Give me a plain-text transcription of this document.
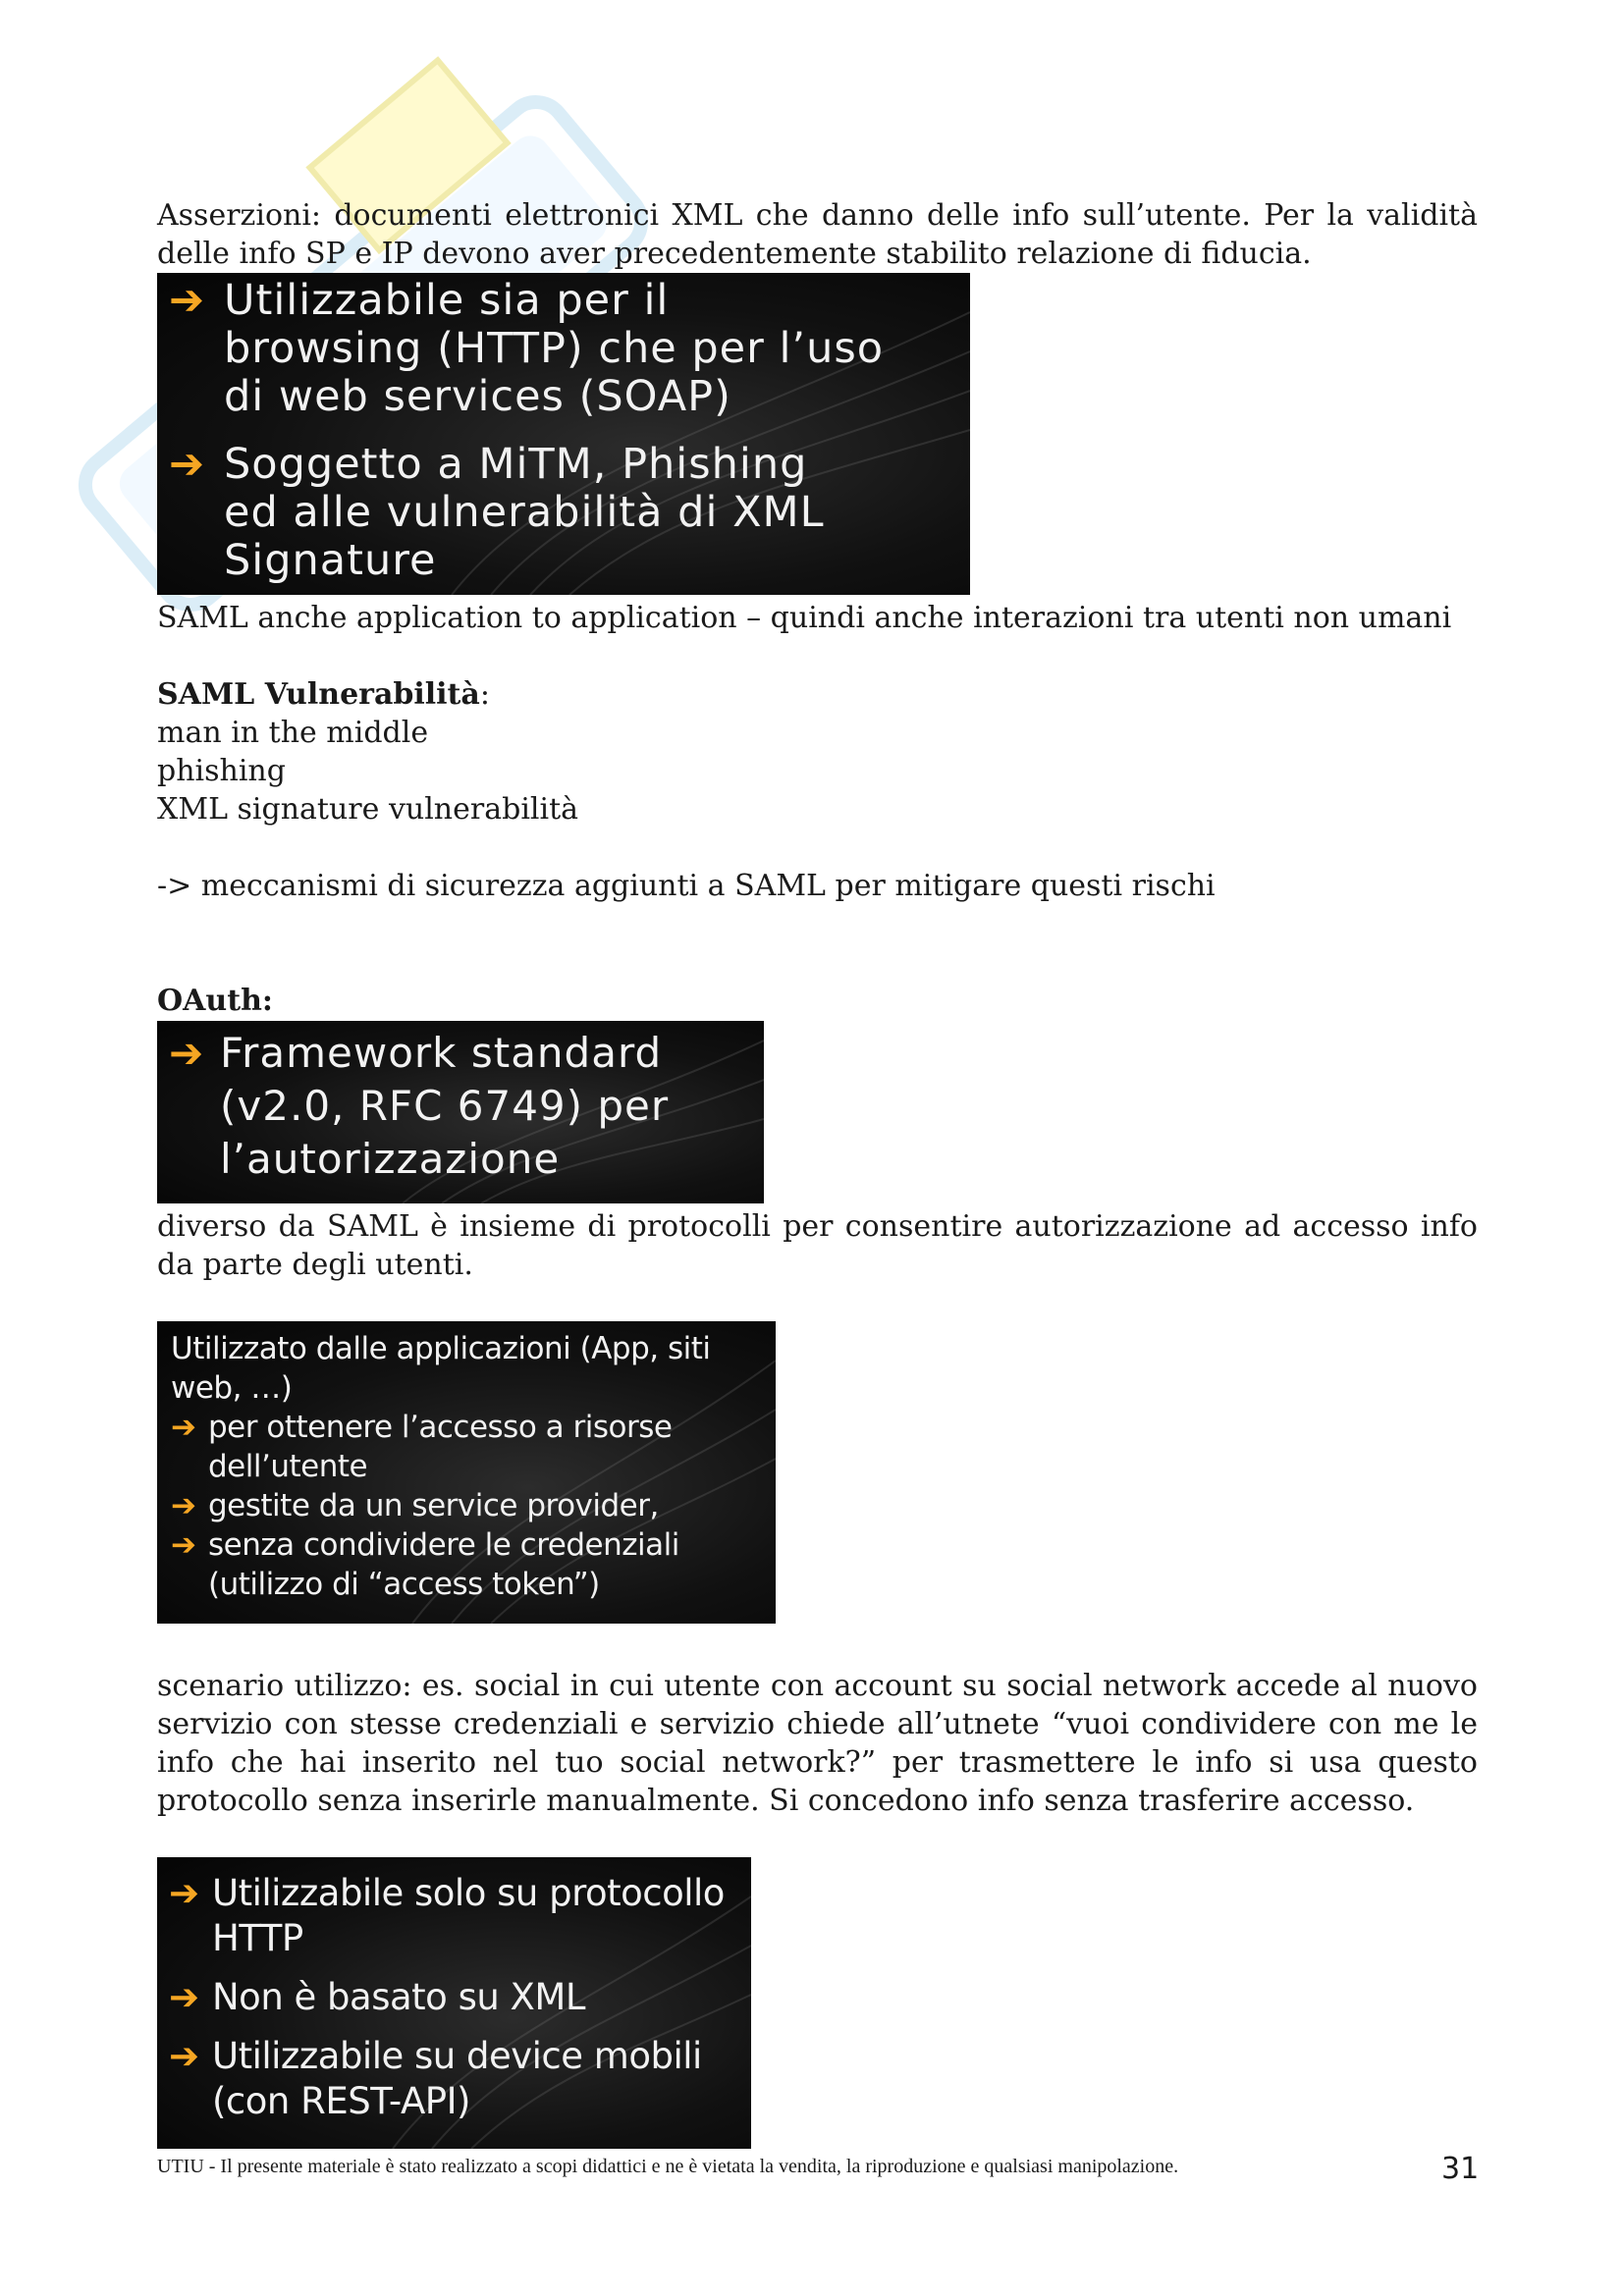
Asserzioni: documenti elettronici XML che danno delle info sull’utente. Per la validità delle info SP e IP devono aver precedentemente stabilito relazione di fiducia.
➔ Utilizzabile sia per il
browsing (HTTP) che per l’uso
di web services (SOAP)
➔ Soggetto a MiTM, Phishing
ed alle vulnerabilità di XML
Signature
SAML anche application to application – quindi anche interazioni tra utenti non umani
SAML Vulnerabilità:
man in the middle
phishing
XML signature vulnerabilità
-> meccanismi di sicurezza aggiunti a SAML per mitigare questi rischi
OAuth:
➔ Framework standard
(v2.0, RFC 6749) per
l’autorizzazione
diverso da SAML è insieme di protocolli per consentire autorizzazione ad accesso info da parte degli utenti.
Utilizzato dalle applicazioni (App, siti
web, …)
➔ per ottenere l’accesso a risorse
dell’utente
➔ gestite da un service provider,
➔ senza condividere le credenziali
(utilizzo di “access token”)
scenario utilizzo: es. social in cui utente con account su social network accede al nuovo servizio con stesse credenziali e servizio chiede all’utnete “vuoi condividere con me le info che hai inserito nel tuo social network?” per trasmettere le info si usa questo protocollo senza inserirle manualmente. Si concedono info senza trasferire accesso.
➔ Utilizzabile solo su protocollo
HTTP
➔ Non è basato su XML
➔ Utilizzabile su device mobili
(con REST-API)
UTIU - Il presente materiale è stato realizzato a scopi didattici e ne è vietata la vendita, la riproduzione e qualsiasi manipolazione.	31
